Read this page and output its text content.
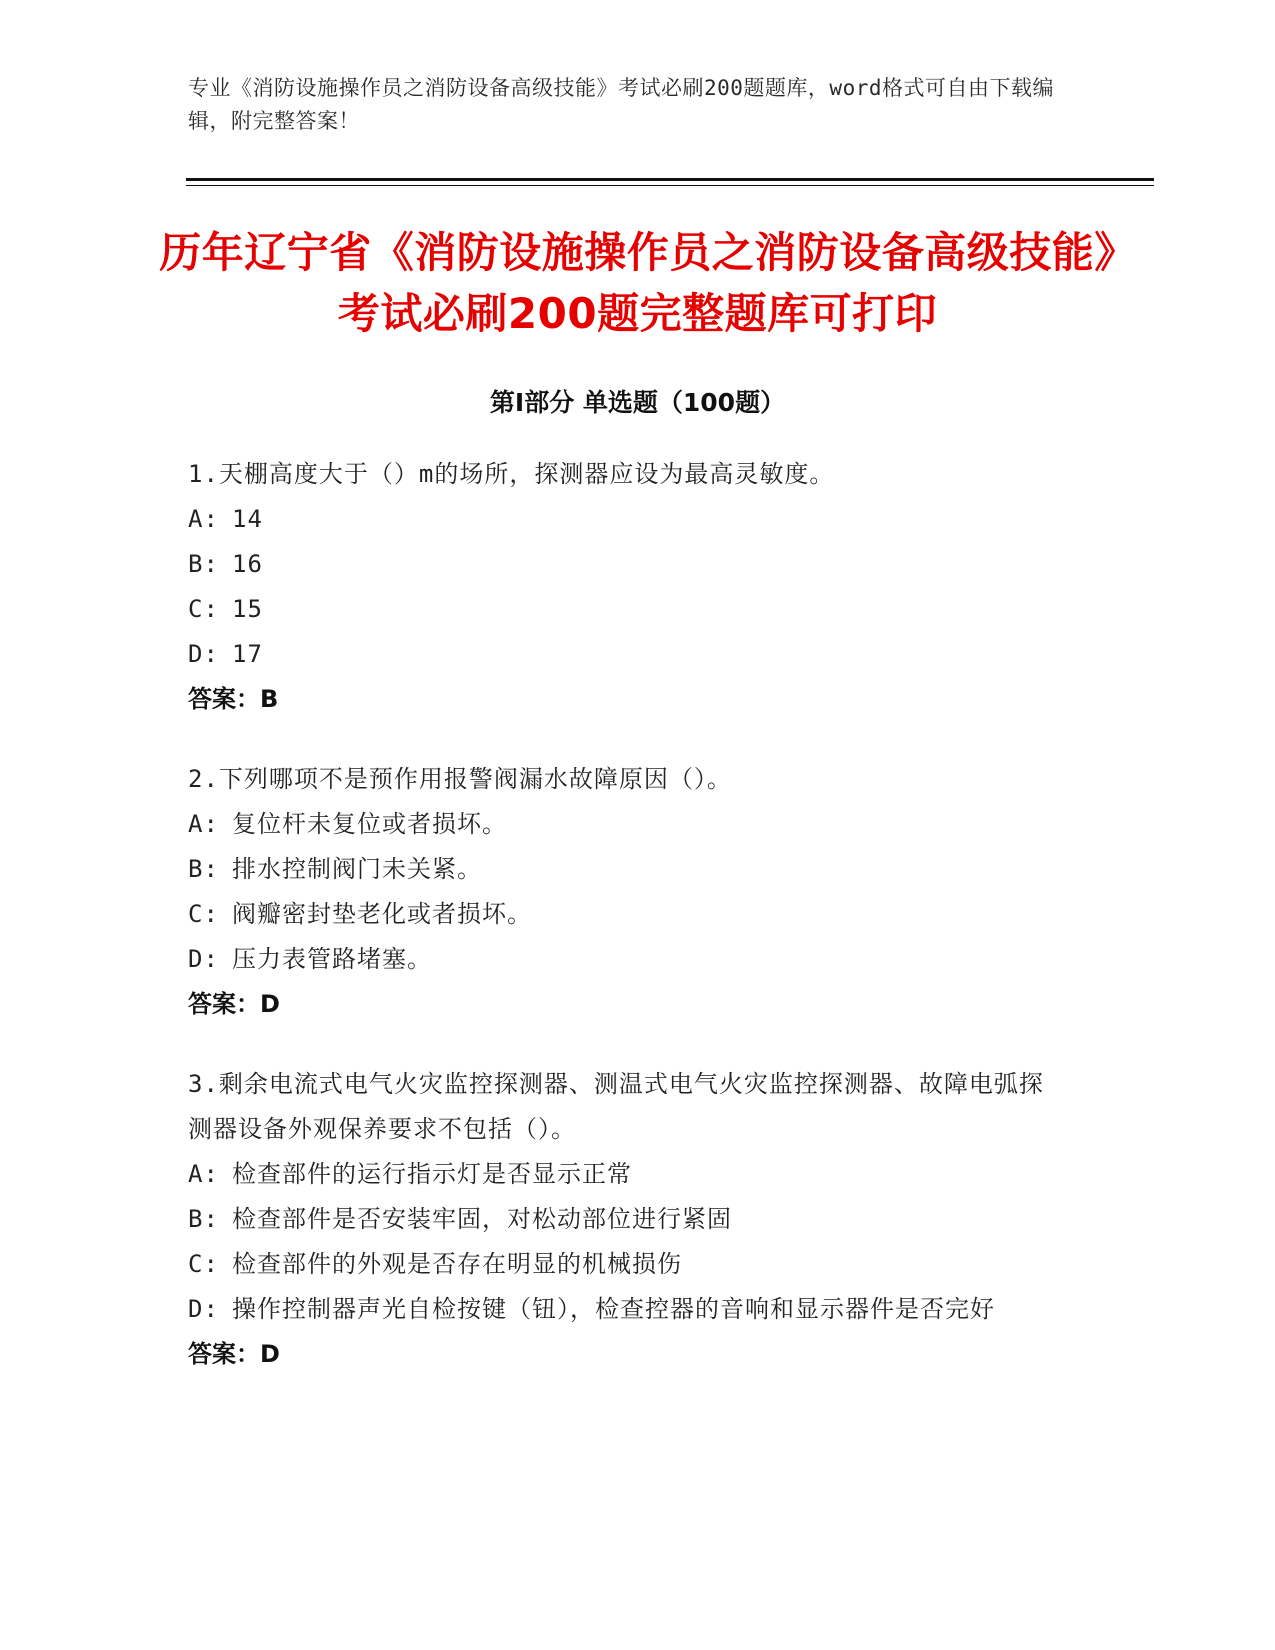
专业《消防设施操作员之消防设备高级技能》考试必刷200题题库，word格式可自由下载编辑，附完整答案！
历年辽宁省《消防设施操作员之消防设备高级技能》考试必刷200题完整题库可打印
第Ⅰ部分 单选题（100题）
1.天棚高度大于（）m的场所，探测器应设为最高灵敏度。
A: 14
B: 16
C: 15
D: 17
答案：B
2.下列哪项不是预作用报警阀漏水故障原因（）。
A: 复位杆未复位或者损坏。
B: 排水控制阀门未关紧。
C: 阀瓣密封垫老化或者损坏。
D: 压力表管路堵塞。
答案：D
3.剩余电流式电气火灾监控探测器、测温式电气火灾监控探测器、故障电弧探测器设备外观保养要求不包括（）。
A: 检查部件的运行指示灯是否显示正常
B: 检查部件是否安装牢固，对松动部位进行紧固
C: 检查部件的外观是否存在明显的机械损伤
D: 操作控制器声光自检按键（钮），检查控器的音响和显示器件是否完好
答案：D
